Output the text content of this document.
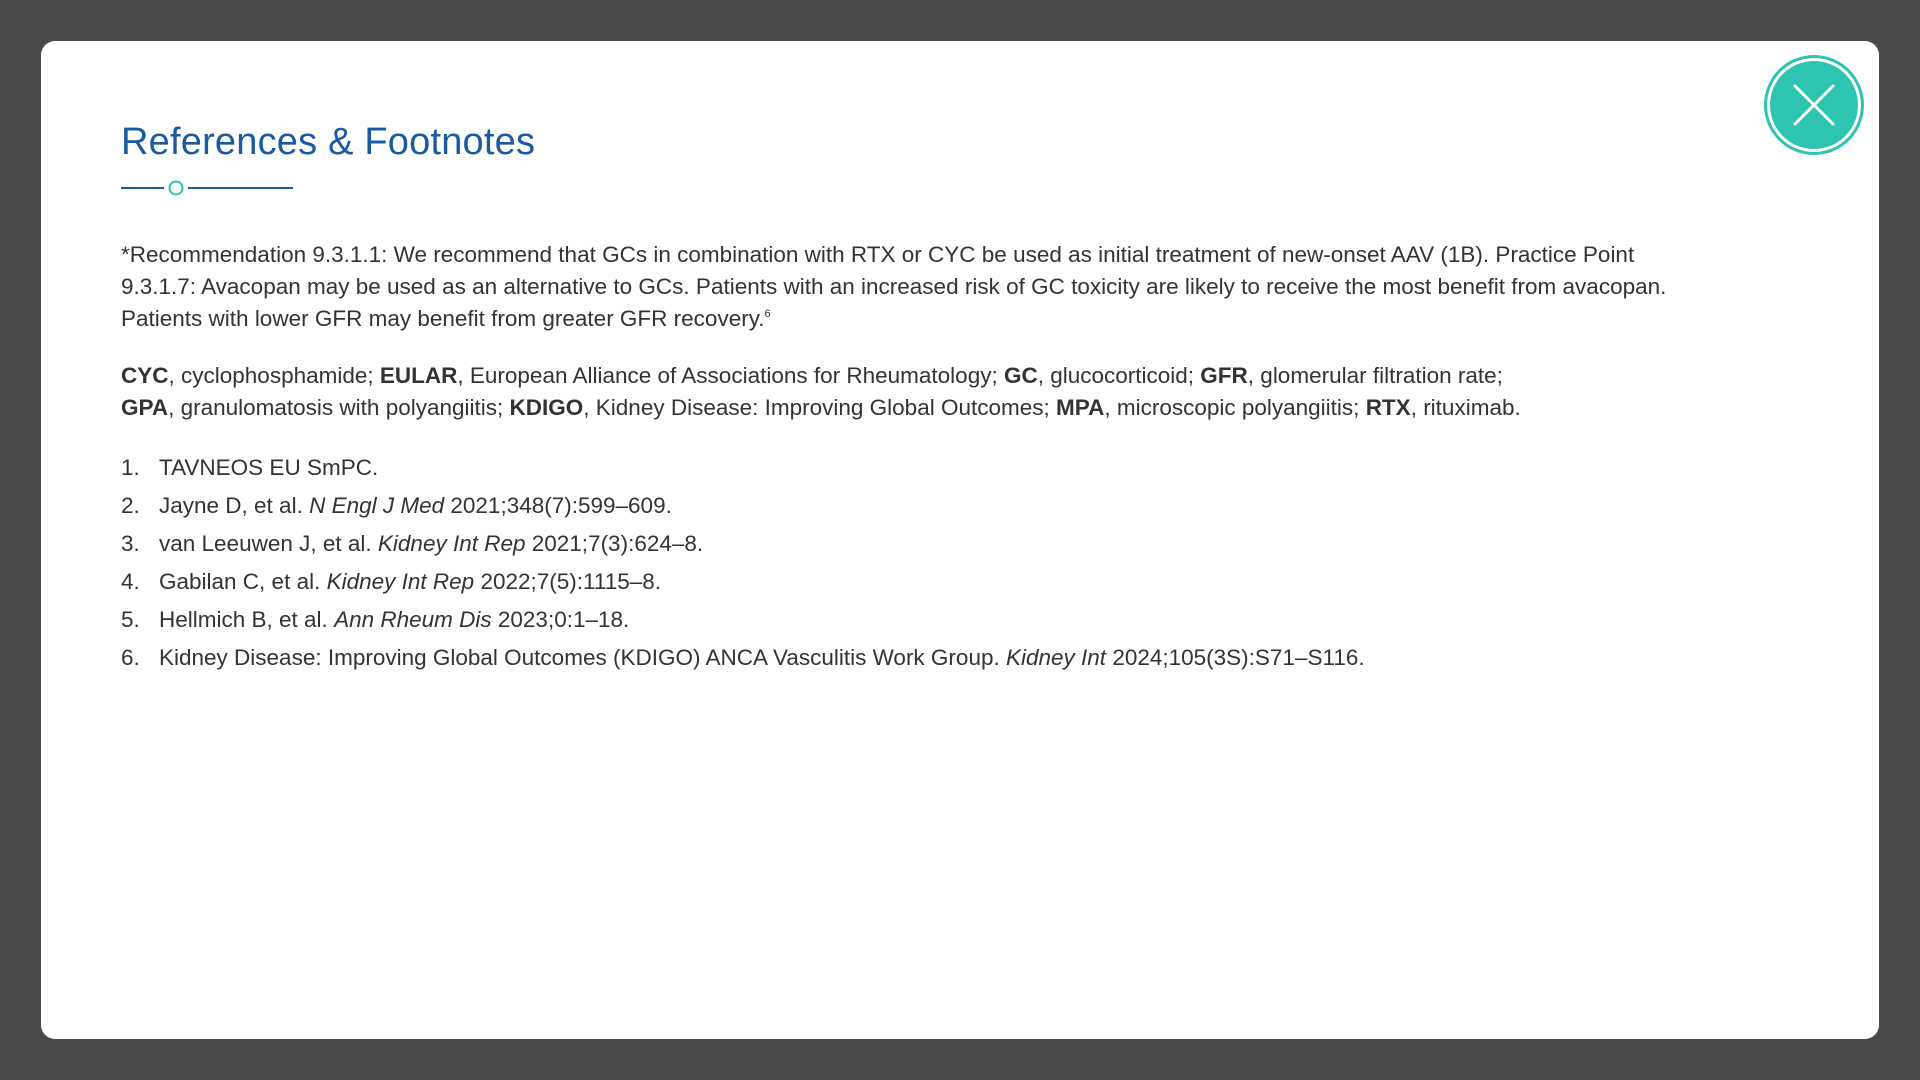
References & Footnotes

*Recommendation 9.3.1.1: We recommend that GCs in combination with RTX or CYC be used as initial treatment of new-onset AAV (1B). Practice Point 9.3.1.7: Avacopan may be used as an alternative to GCs. Patients with an increased risk of GC toxicity are likely to receive the most benefit from avacopan. Patients with lower GFR may benefit from greater GFR recovery.$^6$

CYC, cyclophosphamide; EULAR, European Alliance of Associations for Rheumatology; GC, glucocorticoid; GFR, glomerular filtration rate;
GPA, granulomatosis with polyangiitis; KDIGO, Kidney Disease: Improving Global Outcomes; MPA, microscopic polyangiitis; RTX, rituximab.

1. TAVNEOS EU SmPC.
2. Jayne D, et al. N Engl J Med 2021;348(7):599–609.
3. van Leeuwen J, et al. Kidney Int Rep 2021;7(3):624–8.
4. Gabilan C, et al. Kidney Int Rep 2022;7(5):1115–8.
5. Hellmich B, et al. Ann Rheum Dis 2023;0:1–18.
6. Kidney Disease: Improving Global Outcomes (KDIGO) ANCA Vasculitis Work Group. Kidney Int 2024;105(3S):S71–S116.
